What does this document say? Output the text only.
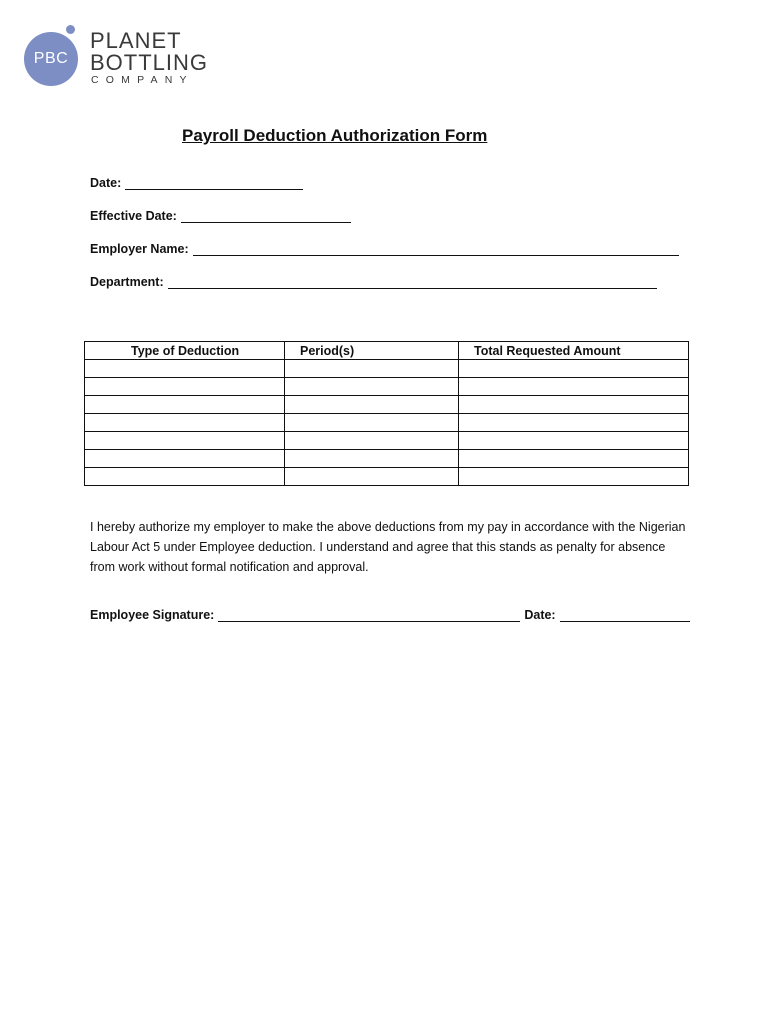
PBC
PLANET
BOTTLING
COMPANY
Payroll Deduction Authorization Form
Date:
Effective Date:
Employer Name:
Department:
Type of Deduction	Period(s)	Total Requested Amount

I hereby authorize my employer to make the above deductions from my pay in accordance with the Nigerian Labour Act 5 under Employee deduction. I understand and agree that this stands as penalty for absence from work without formal notification and approval.
Employee Signature:	Date:
